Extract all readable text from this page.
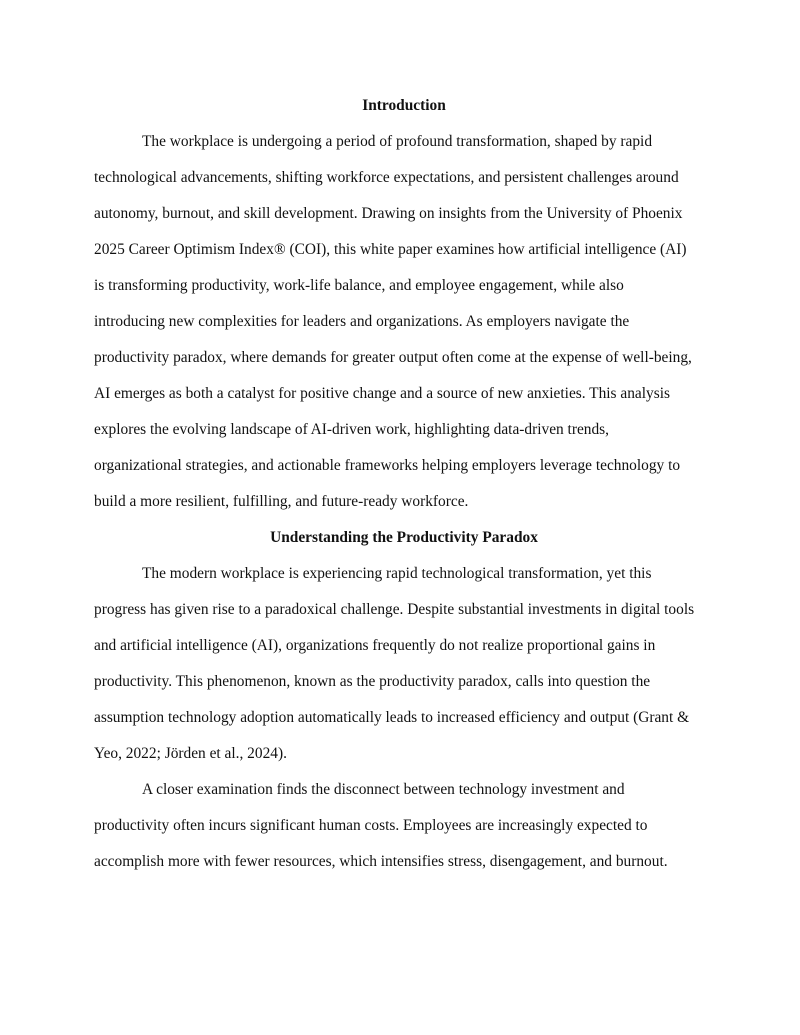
Introduction
The workplace is undergoing a period of profound transformation, shaped by rapid
technological advancements, shifting workforce expectations, and persistent challenges around
autonomy, burnout, and skill development. Drawing on insights from the University of Phoenix
2025 Career Optimism Index® (COI), this white paper examines how artificial intelligence (AI)
is transforming productivity, work-life balance, and employee engagement, while also
introducing new complexities for leaders and organizations. As employers navigate the
productivity paradox, where demands for greater output often come at the expense of well-being,
AI emerges as both a catalyst for positive change and a source of new anxieties. This analysis
explores the evolving landscape of AI-driven work, highlighting data-driven trends,
organizational strategies, and actionable frameworks helping employers leverage technology to
build a more resilient, fulfilling, and future-ready workforce.
Understanding the Productivity Paradox
The modern workplace is experiencing rapid technological transformation, yet this
progress has given rise to a paradoxical challenge. Despite substantial investments in digital tools
and artificial intelligence (AI), organizations frequently do not realize proportional gains in
productivity. This phenomenon, known as the productivity paradox, calls into question the
assumption technology adoption automatically leads to increased efficiency and output (Grant &
Yeo, 2022; Jörden et al., 2024).
A closer examination finds the disconnect between technology investment and
productivity often incurs significant human costs. Employees are increasingly expected to
accomplish more with fewer resources, which intensifies stress, disengagement, and burnout.
